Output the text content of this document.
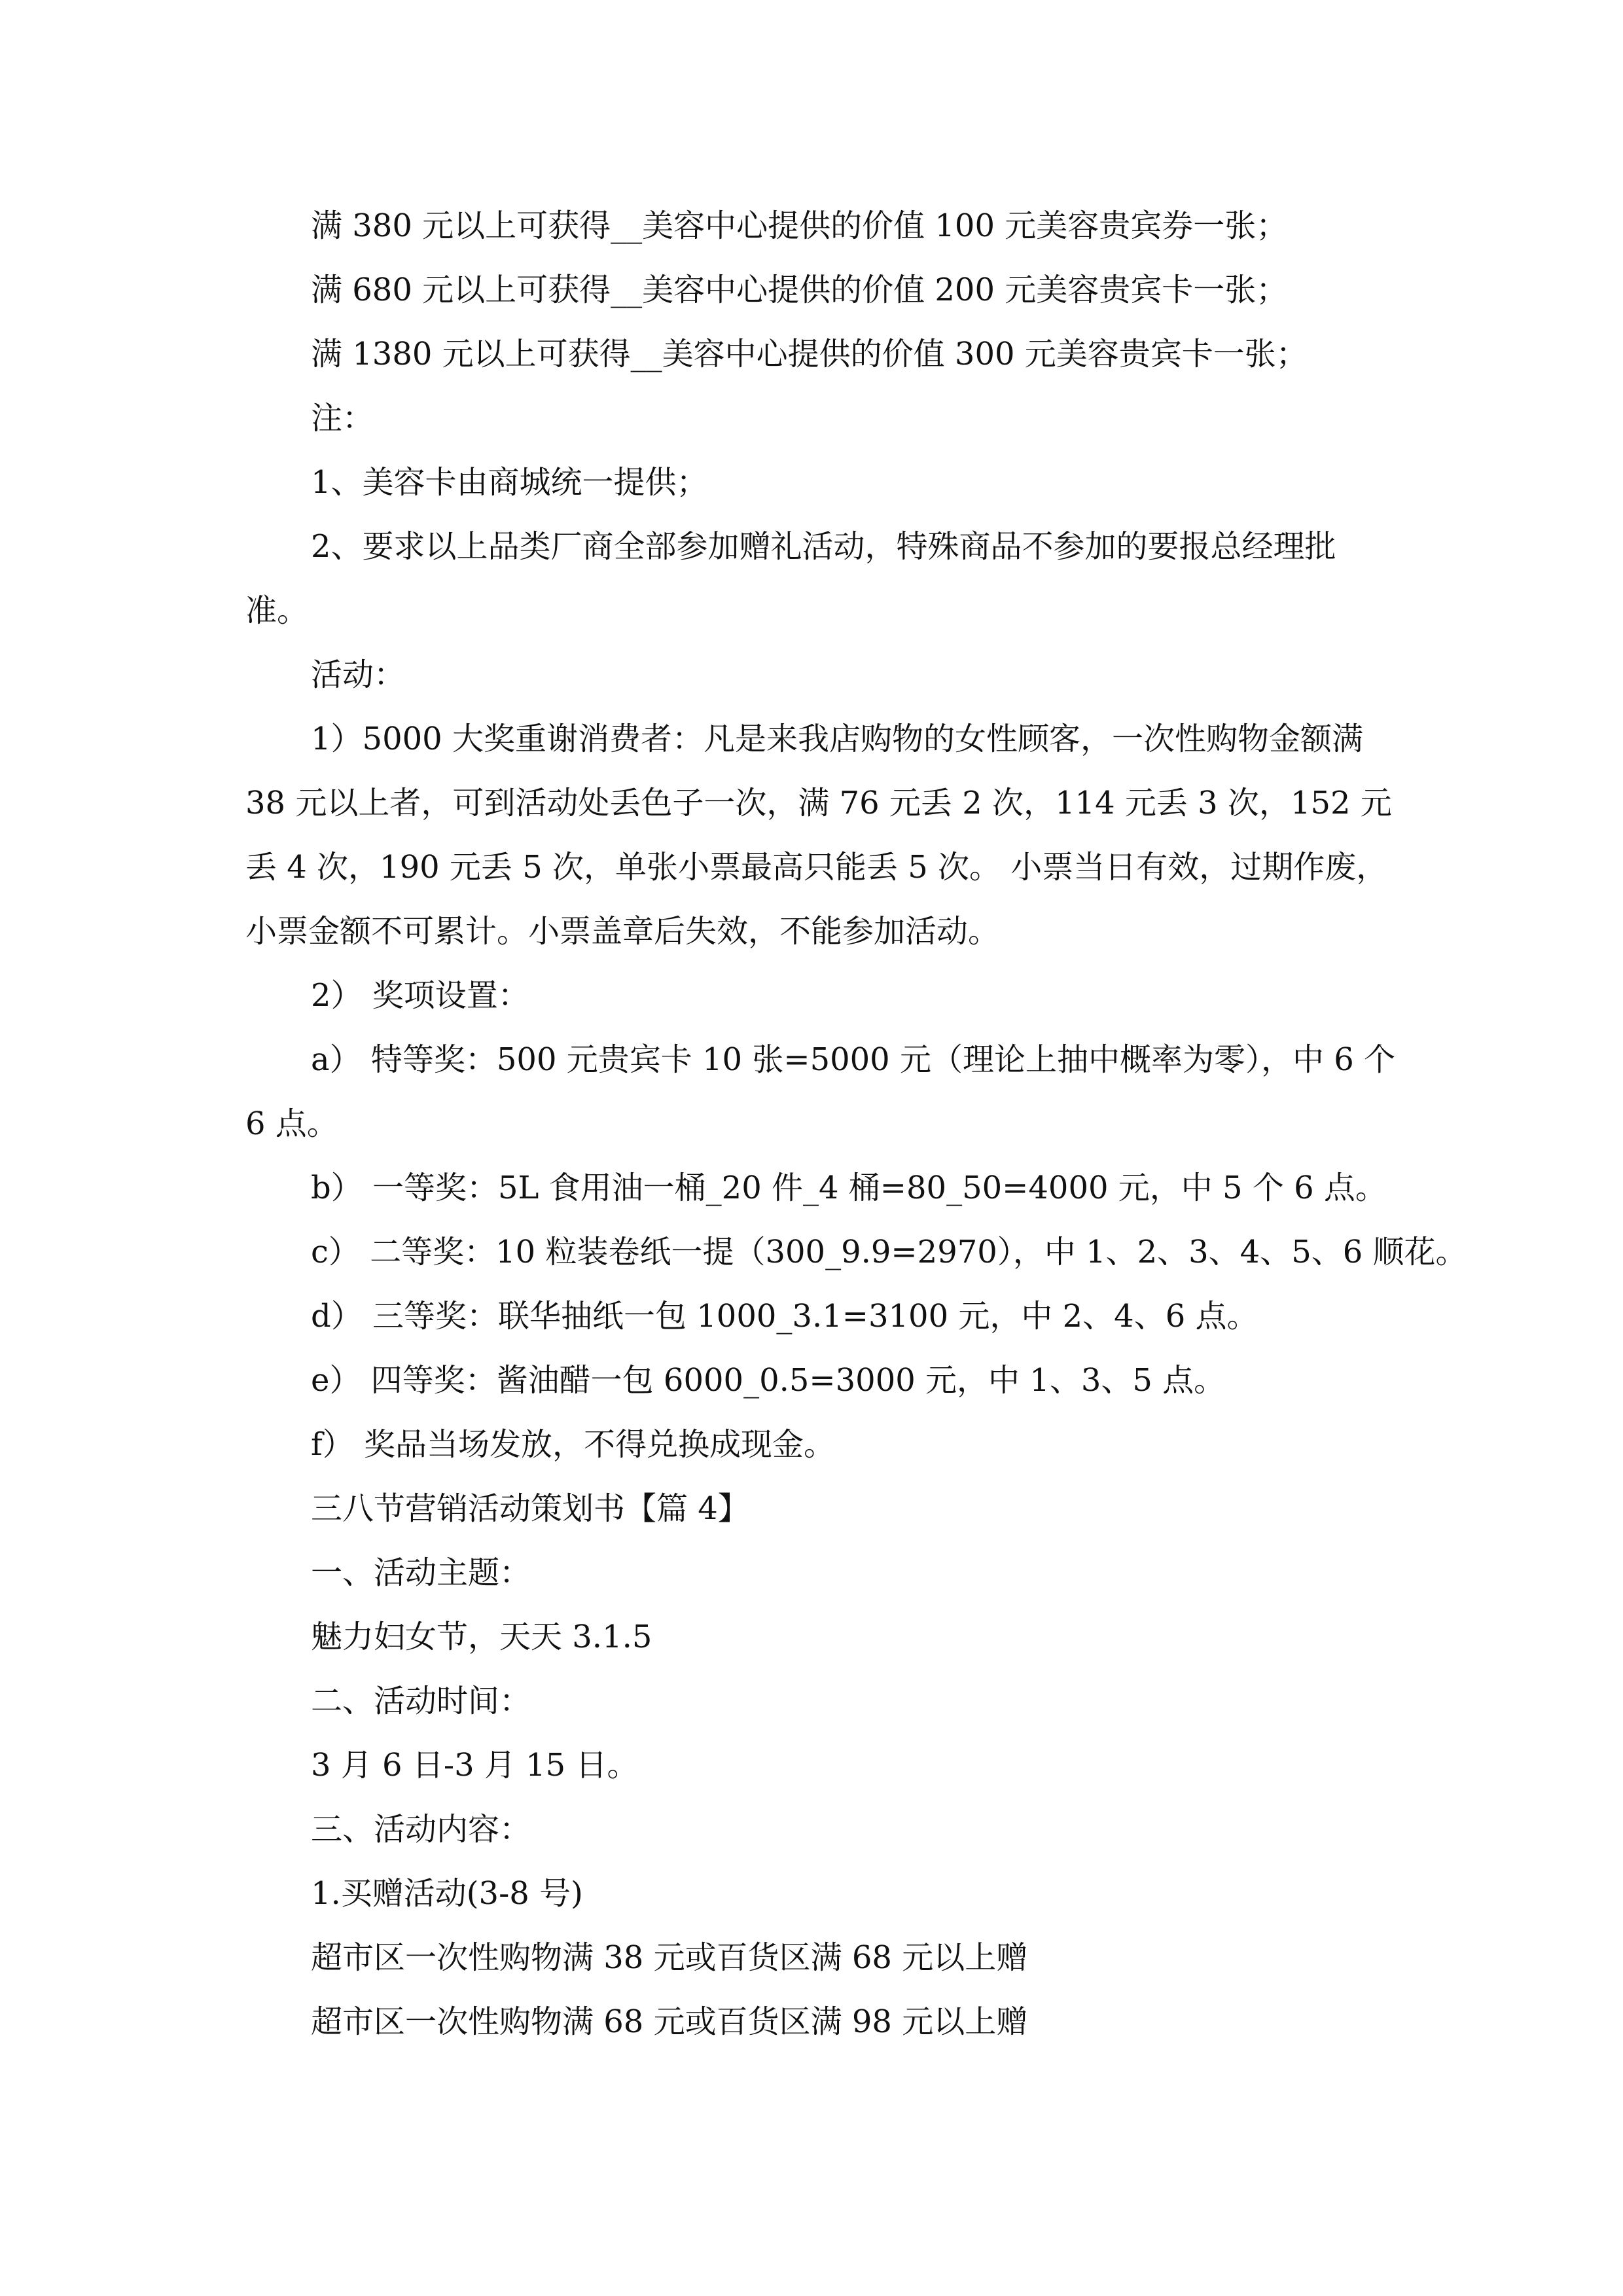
满 380 元以上可获得__美容中心提供的价值 100 元美容贵宾券一张；

满 680 元以上可获得__美容中心提供的价值 200 元美容贵宾卡一张；

满 1380 元以上可获得__美容中心提供的价值 300 元美容贵宾卡一张；

注：

1、美容卡由商城统一提供；

2、要求以上品类厂商全部参加赠礼活动，特殊商品不参加的要报总经理批

准。

活动：

1）5000 大奖重谢消费者：凡是来我店购物的女性顾客，一次性购物金额满

38 元以上者，可到活动处丢色子一次，满 76 元丢 2 次，114 元丢 3 次，152 元

丢 4 次，190 元丢 5 次，单张小票最高只能丢 5 次。 小票当日有效，过期作废，

小票金额不可累计。小票盖章后失效，不能参加活动。

2） 奖项设置：

a） 特等奖：500 元贵宾卡 10 张=5000 元（理论上抽中概率为零），中 6 个

6 点。

b） 一等奖：5L 食用油一桶_20 件_4 桶=80_50=4000 元，中 5 个 6 点。

c） 二等奖：10 粒装卷纸一提（300_9.9=2970），中 1、2、3、4、5、6 顺花。

d） 三等奖：联华抽纸一包 1000_3.1=3100 元，中 2、4、6 点。

e） 四等奖：酱油醋一包 6000_0.5=3000 元，中 1、3、5 点。

f） 奖品当场发放，不得兑换成现金。

三八节营销活动策划书【篇 4】

一、活动主题：

魅力妇女节，天天 3.1.5

二、活动时间：

3 月 6 日-3 月 15 日。

三、活动内容：

1.买赠活动(3-8 号)

超市区一次性购物满 38 元或百货区满 68 元以上赠

超市区一次性购物满 68 元或百货区满 98 元以上赠
